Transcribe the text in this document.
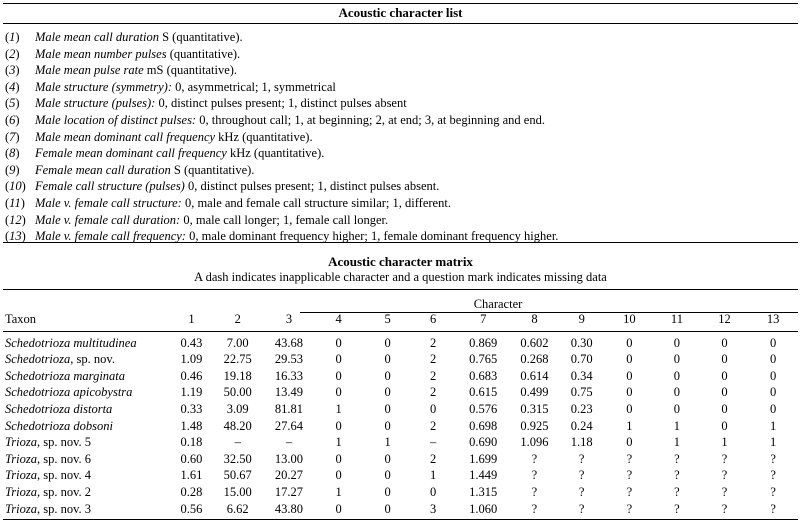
Acoustic character list
(1) Male mean call duration S (quantitative).
(2) Male mean number pulses (quantitative).
(3) Male mean pulse rate mS (quantitative).
(4) Male structure (symmetry): 0, asymmetrical; 1, symmetrical
(5) Male structure (pulses): 0, distinct pulses present; 1, distinct pulses absent
(6) Male location of distinct pulses: 0, throughout call; 1, at beginning; 2, at end; 3, at beginning and end.
(7) Male mean dominant call frequency kHz (quantitative).
(8) Female mean dominant call frequency kHz (quantitative).
(9) Female mean call duration S (quantitative).
(10) Female call structure (pulses) 0, distinct pulses present; 1, distinct pulses absent.
(11) Male v. female call structure: 0, male and female call structure similar; 1, different.
(12) Male v. female call duration: 0, male call longer; 1, female call longer.
(13) Male v. female call frequency: 0, male dominant frequency higher; 1, female dominant frequency higher.
Acoustic character matrix
A dash indicates inapplicable character and a question mark indicates missing data
Character
Taxon	1	2	3	4	5	6	7	8	9	10	11	12	13
Schedotrioza multitudinea	0.43	7.00	43.68	0	0	2	0.869	0.602	0.30	0	0	0	0
Schedotrioza, sp. nov.	1.09	22.75	29.53	0	0	2	0.765	0.268	0.70	0	0	0	0
Schedotrioza marginata	0.46	19.18	16.33	0	0	2	0.683	0.614	0.34	0	0	0	0
Schedotrioza apicobystra	1.19	50.00	13.49	0	0	2	0.615	0.499	0.75	0	0	0	0
Schedotrioza distorta	0.33	3.09	81.81	1	0	0	0.576	0.315	0.23	0	0	0	0
Schedotrioza dobsoni	1.48	48.20	27.64	0	0	2	0.698	0.925	0.24	1	1	0	1
Trioza, sp. nov. 5	0.18	–	–	1	1	–	0.690	1.096	1.18	0	1	1	1
Trioza, sp. nov. 6	0.60	32.50	13.00	0	0	2	1.699	?	?	?	?	?	?
Trioza, sp. nov. 4	1.61	50.67	20.27	0	0	1	1.449	?	?	?	?	?	?
Trioza, sp. nov. 2	0.28	15.00	17.27	1	0	0	1.315	?	?	?	?	?	?
Trioza, sp. nov. 3	0.56	6.62	43.80	0	0	3	1.060	?	?	?	?	?	?
